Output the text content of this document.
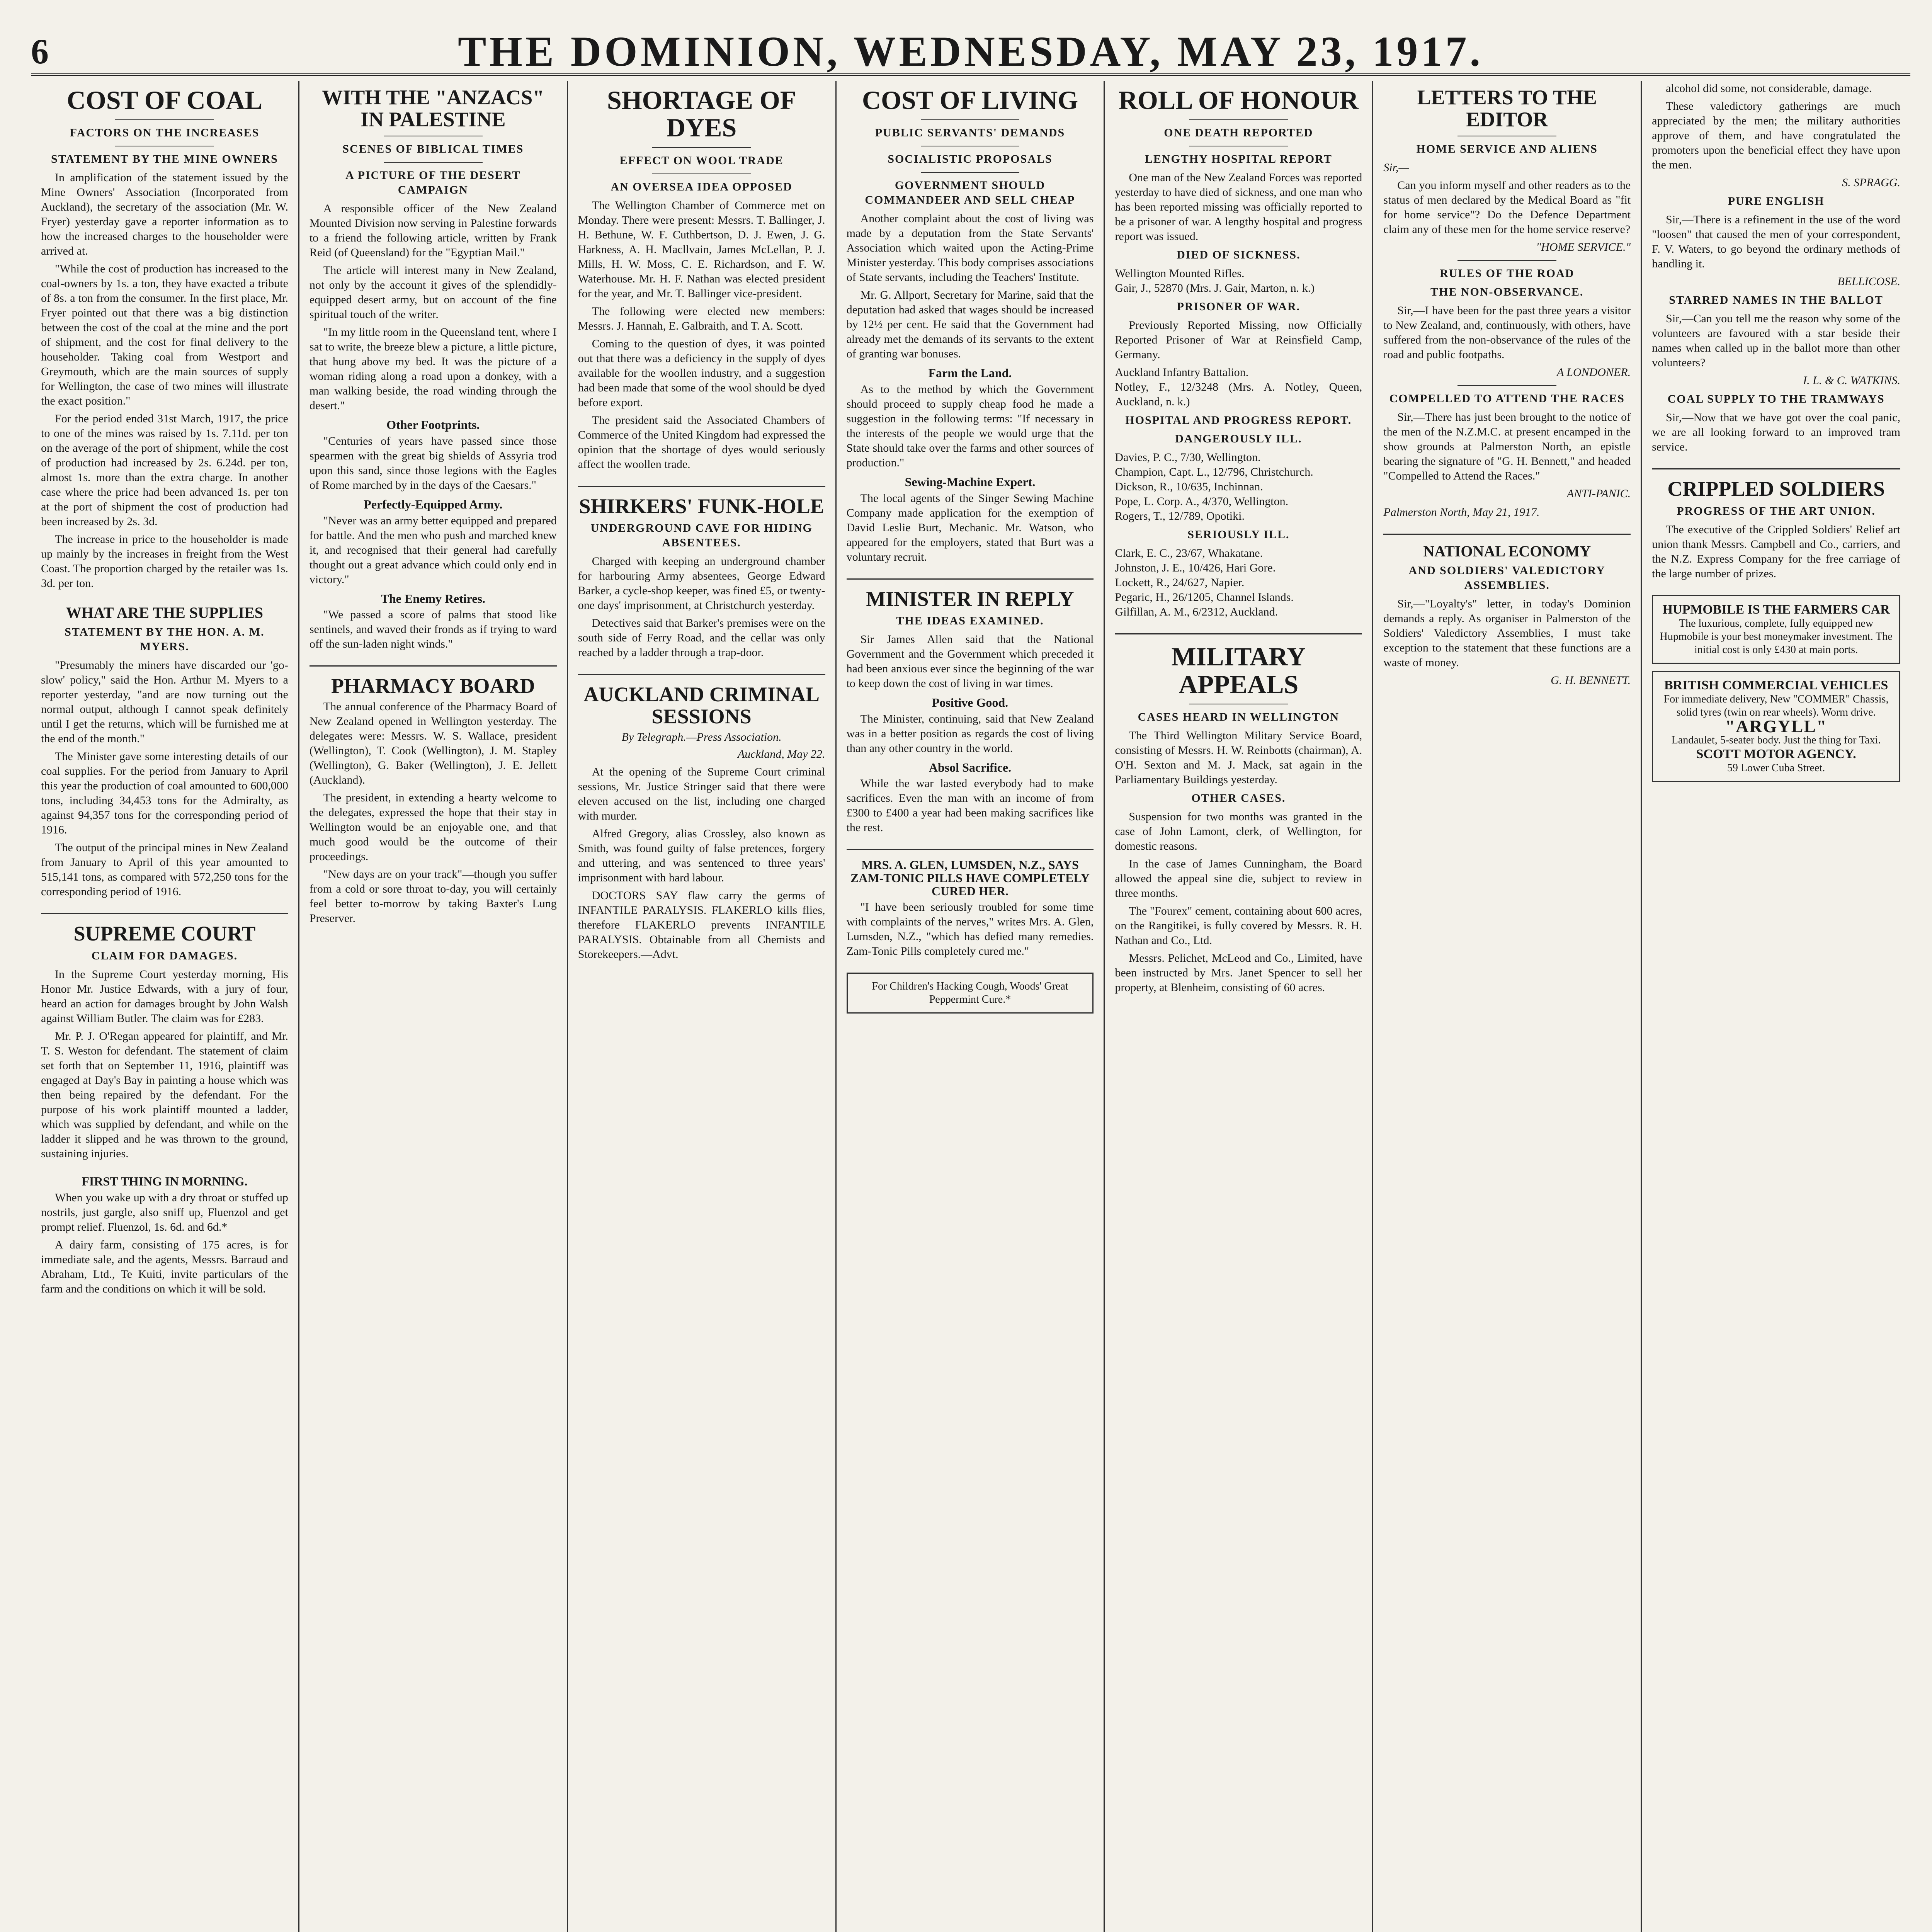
6	THE DOMINION, WEDNESDAY, MAY 23, 1917.
COST OF COAL
FACTORS ON THE INCREASES
STATEMENT BY THE MINE OWNERS

In amplification of the statement issued by the Mine Owners' Association (Incorporated from Auckland), the secretary of the association (Mr. W. Fryer) yesterday gave a reporter information as to how the increased charges to the householder were arrived at.

"While the cost of production has increased to the coal-owners by 1s. a ton, they have exacted a tribute of 8s. a ton from the consumer. In the first place, Mr. Fryer pointed out that there was a big distinction between the cost of the coal at the mine and the port of shipment, and the cost for final delivery to the householder. Taking coal from Westport and Greymouth, which are the main sources of supply for Wellington, the case of two mines will illustrate the exact position."

For the period ended 31st March, 1917, the price to one of the mines was raised by 1s. 7.11d. per ton on the average of the port of shipment, while the cost of production had increased by 2s. 6.24d. per ton, almost 1s. more than the extra charge. In another case where the price had been advanced 1s. per ton at the port of shipment the cost of production had been increased by 2s. 3d.

The increase in price to the householder is made up mainly by the increases in freight from the West Coast. The proportion charged by the retailer was 1s. 3d. per ton.

WHAT ARE THE SUPPLIES
STATEMENT BY THE HON. A. M. MYERS.

"Presumably the miners have discarded our 'go-slow' policy," said the Hon. Arthur M. Myers to a reporter yesterday, "and are now turning out the normal output, although I cannot speak definitely until I get the returns, which will be furnished me at the end of the month."

The Minister gave some interesting details of our coal supplies. For the period from January to April this year the production of coal amounted to 600,000 tons, including 34,453 tons for the Admiralty, as against 94,357 tons for the corresponding period of 1916.

The output of the principal mines in New Zealand from January to April of this year amounted to 515,141 tons, as compared with 572,250 tons for the corresponding period of 1916.

SUPREME COURT
CLAIM FOR DAMAGES.

In the Supreme Court yesterday morning, His Honor Mr. Justice Edwards, with a jury of four, heard an action for damages brought by John Walsh against William Butler. The claim was for £283.

Mr. P. J. O'Regan appeared for plaintiff, and Mr. T. S. Weston for defendant. The statement of claim set forth that on September 11, 1916, plaintiff was engaged at Day's Bay in painting a house which was then being repaired by the defendant. For the purpose of his work plaintiff mounted a ladder, which was supplied by defendant, and while on the ladder it slipped and he was thrown to the ground, sustaining injuries.

FIRST THING IN MORNING.

When you wake up with a dry throat or stuffed up nostrils, just gargle, also sniff up, Fluenzol and get prompt relief. Fluenzol, 1s. 6d. and 6d.*

A dairy farm, consisting of 175 acres, is for immediate sale, and the agents, Messrs. Barraud and Abraham, Ltd., Te Kuiti, invite particulars of the farm and the conditions on which it will be sold.

WITH THE "ANZACS" IN PALESTINE
SCENES OF BIBLICAL TIMES
A PICTURE OF THE DESERT CAMPAIGN

A responsible officer of the New Zealand Mounted Division now serving in Palestine forwards to a friend the following article, written by Frank Reid (of Queensland) for the "Egyptian Mail."

The article will interest many in New Zealand, not only by the account it gives of the splendidly-equipped desert army, but on account of the fine spiritual touch of the writer.

"In my little room in the Queensland tent, where I sat to write, the breeze blew a picture, a little picture, that hung above my bed. It was the picture of a woman riding along a road upon a donkey, with a man walking beside, the road winding through the desert."

Other Footprints.

"Centuries of years have passed since those spearmen with the great big shields of Assyria trod upon this sand, since those legions with the Eagles of Rome marched by in the days of the Caesars."

Perfectly-Equipped Army.

"Never was an army better equipped and prepared for battle. And the men who push and marched knew it, and recognised that their general had carefully thought out a great advance which could only end in victory."

The Enemy Retires.

"We passed a score of palms that stood like sentinels, and waved their fronds as if trying to ward off the sun-laden night winds."

PHARMACY BOARD

The annual conference of the Pharmacy Board of New Zealand opened in Wellington yesterday. The delegates were: Messrs. W. S. Wallace, president (Wellington), T. Cook (Wellington), J. M. Stapley (Wellington), G. Baker (Wellington), J. E. Jellett (Auckland).

The president, in extending a hearty welcome to the delegates, expressed the hope that their stay in Wellington would be an enjoyable one, and that much good would be the outcome of their proceedings.

"New days are on your track"—though you suffer from a cold or sore throat to-day, you will certainly feel better to-morrow by taking Baxter's Lung Preserver.

SHORTAGE OF DYES
EFFECT ON WOOL TRADE
AN OVERSEA IDEA OPPOSED

The Wellington Chamber of Commerce met on Monday. There were present: Messrs. T. Ballinger, J. H. Bethune, W. F. Cuthbertson, D. J. Ewen, J. G. Harkness, A. H. Macllvain, James McLellan, P. J. Mills, H. W. Moss, C. E. Richardson, and F. W. Waterhouse. Mr. H. F. Nathan was elected president for the year, and Mr. T. Ballinger vice-president.

The following were elected new members: Messrs. J. Hannah, E. Galbraith, and T. A. Scott.

Coming to the question of dyes, it was pointed out that there was a deficiency in the supply of dyes available for the woollen industry, and a suggestion had been made that some of the wool should be dyed before export.

The president said the Associated Chambers of Commerce of the United Kingdom had expressed the opinion that the shortage of dyes would seriously affect the woollen trade.

SHIRKERS' FUNK-HOLE
UNDERGROUND CAVE FOR HIDING ABSENTEES.

Charged with keeping an underground chamber for harbouring Army absentees, George Edward Barker, a cycle-shop keeper, was fined £5, or twenty-one days' imprisonment, at Christchurch yesterday.

Detectives said that Barker's premises were on the south side of Ferry Road, and the cellar was only reached by a ladder through a trap-door.

AUCKLAND CRIMINAL SESSIONS
By Telegraph.—Press Association.
Auckland, May 22.

At the opening of the Supreme Court criminal sessions, Mr. Justice Stringer said that there were eleven accused on the list, including one charged with murder.

Alfred Gregory, alias Crossley, also known as Smith, was found guilty of false pretences, forgery and uttering, and was sentenced to three years' imprisonment with hard labour.

DOCTORS SAY flaw carry the germs of INFANTILE PARALYSIS. FLAKERLO kills flies, therefore FLAKERLO prevents INFANTILE PARALYSIS. Obtainable from all Chemists and Storekeepers.—Advt.

COST OF LIVING
PUBLIC SERVANTS' DEMANDS
SOCIALISTIC PROPOSALS
GOVERNMENT SHOULD COMMANDEER AND SELL CHEAP

Another complaint about the cost of living was made by a deputation from the State Servants' Association which waited upon the Acting-Prime Minister yesterday. This body comprises associations of State servants, including the Teachers' Institute.

Mr. G. Allport, Secretary for Marine, said that the deputation had asked that wages should be increased by 12½ per cent. He said that the Government had already met the demands of its servants to the extent of granting war bonuses.

Farm the Land.

As to the method by which the Government should proceed to supply cheap food he made a suggestion in the following terms: "If necessary in the interests of the people we would urge that the State should take over the farms and other sources of production."

Sewing-Machine Expert.

The local agents of the Singer Sewing Machine Company made application for the exemption of David Leslie Burt, Mechanic. Mr. Watson, who appeared for the employers, stated that Burt was a voluntary recruit.

MINISTER IN REPLY
THE IDEAS EXAMINED.

Sir James Allen said that the National Government and the Government which preceded it had been anxious ever since the beginning of the war to keep down the cost of living in war times.

Positive Good.

The Minister, continuing, said that New Zealand was in a better position as regards the cost of living than any other country in the world.

Absol Sacrifice.

While the war lasted everybody had to make sacrifices. Even the man with an income of from £300 to £400 a year had been making sacrifices like the rest.

MRS. A. GLEN, LUMSDEN, N.Z., SAYS ZAM-TONIC PILLS HAVE COMPLETELY CURED HER.

"I have been seriously troubled for some time with complaints of the nerves," writes Mrs. A. Glen, Lumsden, N.Z., "which has defied many remedies. Zam-Tonic Pills completely cured me."

For Children's Hacking Cough, Woods' Great Peppermint Cure.*
ROLL OF HONOUR
ONE DEATH REPORTED
LENGTHY HOSPITAL REPORT

One man of the New Zealand Forces was reported yesterday to have died of sickness, and one man who has been reported missing was officially reported to be a prisoner of war. A lengthy hospital and progress report was issued.

DIED OF SICKNESS.
Wellington Mounted Rifles.
Gair, J., 52870 (Mrs. J. Gair, Marton, n. k.)
PRISONER OF WAR.

Previously Reported Missing, now Officially Reported Prisoner of War at Reinsfield Camp, Germany.

Auckland Infantry Battalion.
Notley, F., 12/3248 (Mrs. A. Notley, Queen, Auckland, n. k.)
HOSPITAL AND PROGRESS REPORT.
DANGEROUSLY ILL.
Davies, P. C., 7/30, Wellington.
Champion, Capt. L., 12/796, Christchurch.
Dickson, R., 10/635, Inchinnan.
Pope, L. Corp. A., 4/370, Wellington.
Rogers, T., 12/789, Opotiki.
SERIOUSLY ILL.
Clark, E. C., 23/67, Whakatane.
Johnston, J. E., 10/426, Hari Gore.
Lockett, R., 24/627, Napier.
Pegaric, H., 26/1205, Channel Islands.
Gilfillan, A. M., 6/2312, Auckland.
MILITARY APPEALS
CASES HEARD IN WELLINGTON

The Third Wellington Military Service Board, consisting of Messrs. H. W. Reinbotts (chairman), A. O'H. Sexton and M. J. Mack, sat again in the Parliamentary Buildings yesterday.

OTHER CASES.

Suspension for two months was granted in the case of John Lamont, clerk, of Wellington, for domestic reasons.

In the case of James Cunningham, the Board allowed the appeal sine die, subject to review in three months.

The "Fourex" cement, containing about 600 acres, on the Rangitikei, is fully covered by Messrs. R. H. Nathan and Co., Ltd.

Messrs. Pelichet, McLeod and Co., Limited, have been instructed by Mrs. Janet Spencer to sell her property, at Blenheim, consisting of 60 acres.

LETTERS TO THE EDITOR
HOME SERVICE AND ALIENS
Sir,—

Can you inform myself and other readers as to the status of men declared by the Medical Board as "fit for home service"? Do the Defence Department claim any of these men for the home service reserve?

"HOME SERVICE."
RULES OF THE ROAD
THE NON-OBSERVANCE.

Sir,—I have been for the past three years a visitor to New Zealand, and, continuously, with others, have suffered from the non-observance of the rules of the road and public footpaths.

A LONDONER.
COMPELLED TO ATTEND THE RACES

Sir,—There has just been brought to the notice of the men of the N.Z.M.C. at present encamped in the show grounds at Palmerston North, an epistle bearing the signature of "G. H. Bennett," and headed "Compelled to Attend the Races."

ANTI-PANIC.
Palmerston North, May 21, 1917.
NATIONAL ECONOMY
AND SOLDIERS' VALEDICTORY ASSEMBLIES.

Sir,—"Loyalty's" letter, in today's Dominion demands a reply. As organiser in Palmerston of the Soldiers' Valedictory Assemblies, I must take exception to the statement that these functions are a waste of money.

G. H. BENNETT.

alcohol did some, not considerable, damage.

These valedictory gatherings are much appreciated by the men; the military authorities approve of them, and have congratulated the promoters upon the beneficial effect they have upon the men.

S. SPRAGG.
PURE ENGLISH

Sir,—There is a refinement in the use of the word "loosen" that caused the men of your correspondent, F. V. Waters, to go beyond the ordinary methods of handling it.

BELLICOSE.
STARRED NAMES IN THE BALLOT

Sir,—Can you tell me the reason why some of the volunteers are favoured with a star beside their names when called up in the ballot more than other volunteers?

I. L. & C. WATKINS.
COAL SUPPLY TO THE TRAMWAYS

Sir,—Now that we have got over the coal panic, we are all looking forward to an improved tram service.

CRIPPLED SOLDIERS
PROGRESS OF THE ART UNION.

The executive of the Crippled Soldiers' Relief art union thank Messrs. Campbell and Co., carriers, and the N.Z. Express Company for the free carriage of the large number of prizes.

HUPMOBILE IS THE FARMERS CAR
The luxurious, complete, fully equipped new Hupmobile is your best moneymaker investment. The initial cost is only £430 at main ports.
BRITISH COMMERCIAL VEHICLES
For immediate delivery, New "COMMER" Chassis, solid tyres (twin on rear wheels). Worm drive.
"ARGYLL"
Landaulet, 5-seater body. Just the thing for Taxi.
SCOTT MOTOR AGENCY.
59 Lower Cuba Street.
